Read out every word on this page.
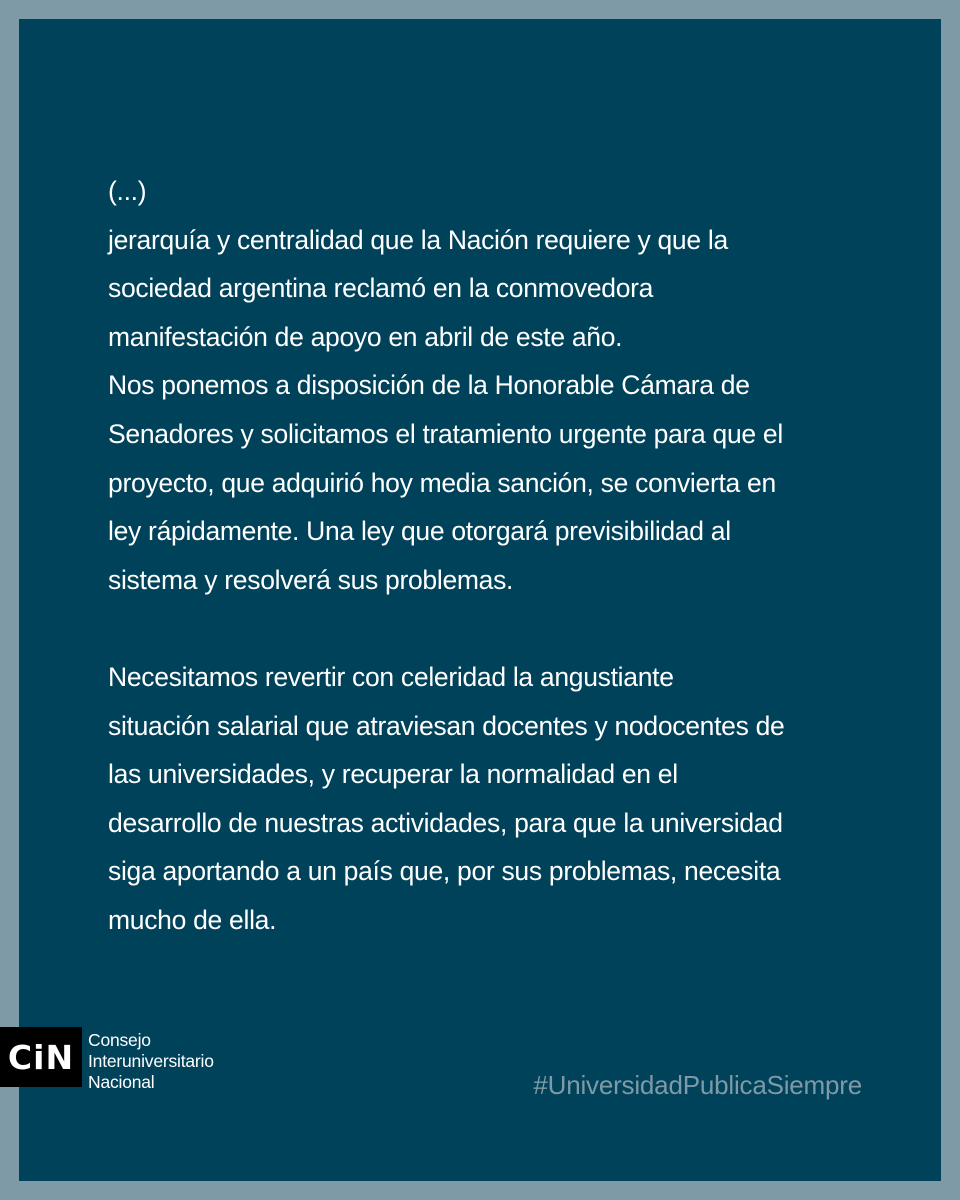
(...)
jerarquía y centralidad que la Nación requiere y que la
sociedad argentina reclamó en la conmovedora
manifestación de apoyo en abril de este año.
Nos ponemos a disposición de la Honorable Cámara de
Senadores y solicitamos el tratamiento urgente para que el
proyecto, que adquirió hoy media sanción, se convierta en
ley rápidamente. Una ley que otorgará previsibilidad al
sistema y resolverá sus problemas.
Necesitamos revertir con celeridad la angustiante
situación salarial que atraviesan docentes y nodocentes de
las universidades, y recuperar la normalidad en el
desarrollo de nuestras actividades, para que la universidad
siga aportando a un país que, por sus problemas, necesita
mucho de ella.
#UniversidadPublicaSiempre
CiN Consejo
Interuniversitario
Nacional
